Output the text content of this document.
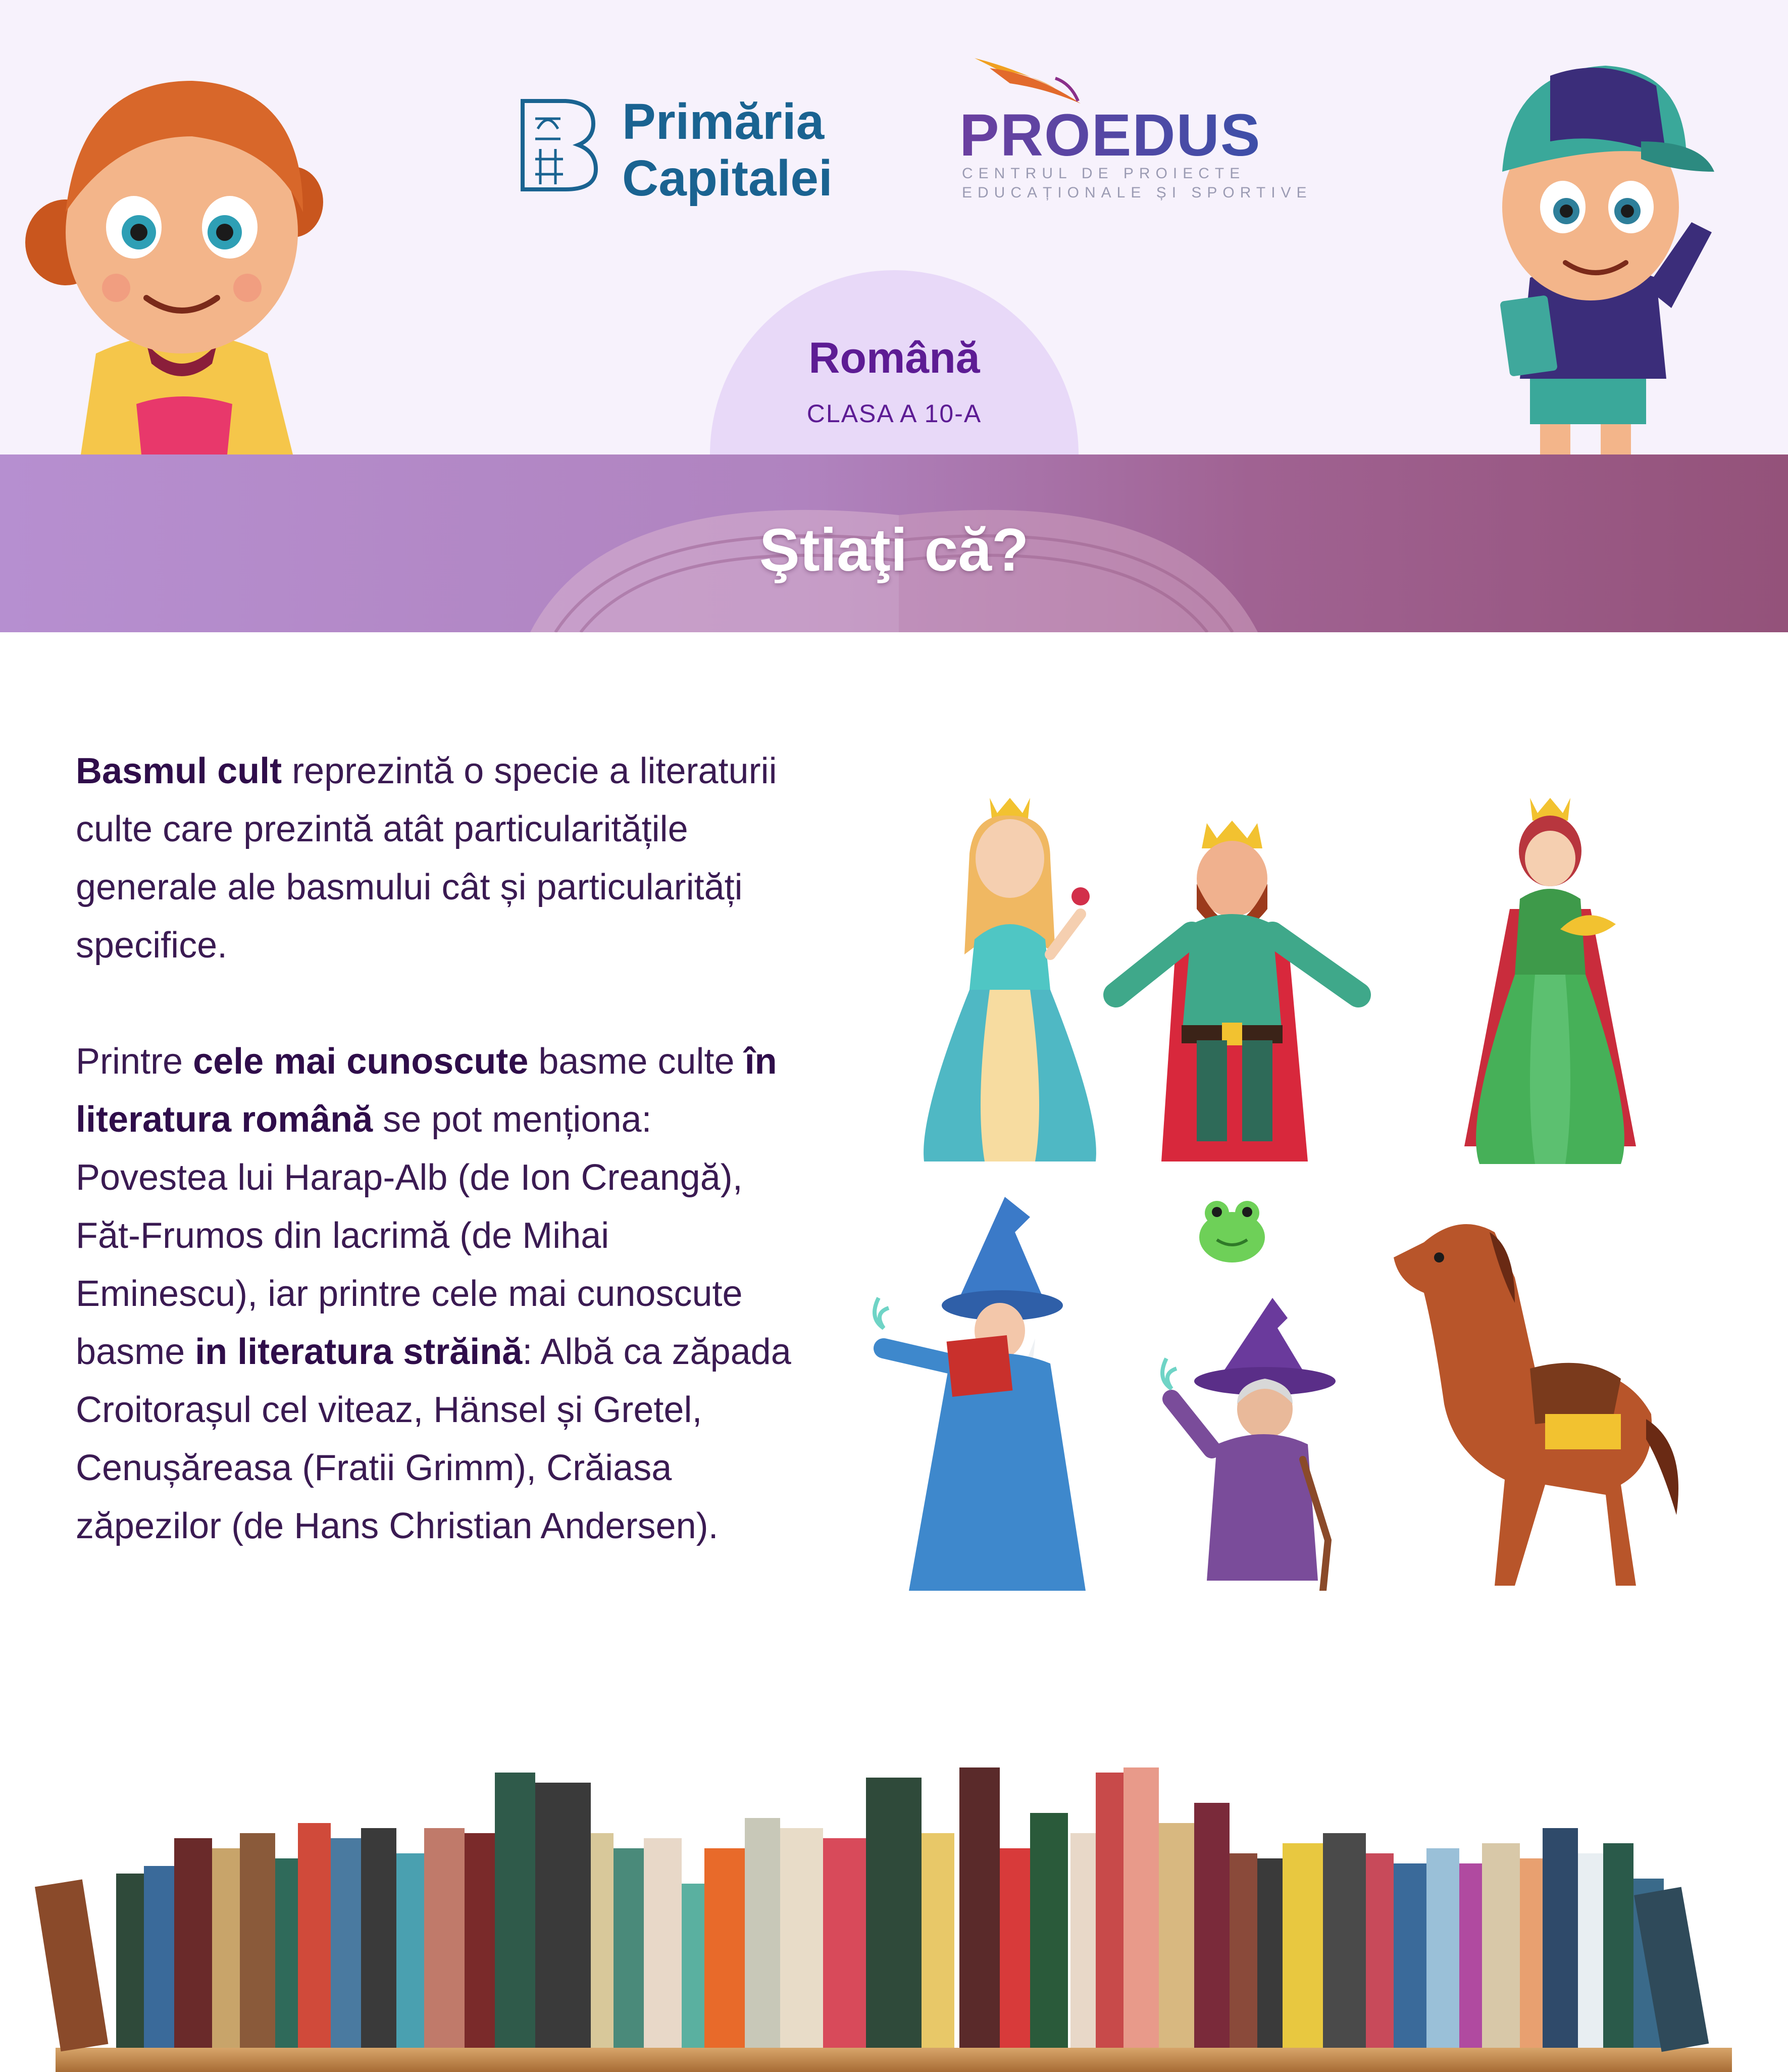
Primăria
Capitalei
PROEDUS
CENTRUL DE PROIECTE
EDUCAȚIONALE ȘI SPORTIVE
Română
CLASA A 10-A
Ştiaţi că?

Basmul cult reprezintă o specie a literaturii culte care prezintă atât particularitățile generale ale basmului cât și particularități specifice.

Printre cele mai cunoscute basme culte în literatura română se pot menționa: Povestea lui Harap-Alb (de Ion Creangă), Făt-Frumos din lacrimă (de Mihai Eminescu), iar printre cele mai cunoscute basme in literatura străină: Albă ca zăpada Croitorașul cel viteaz, Hänsel și Gretel, Cenușăreasa (Fratii Grimm), Crăiasa zăpezilor (de Hans Christian Andersen).
